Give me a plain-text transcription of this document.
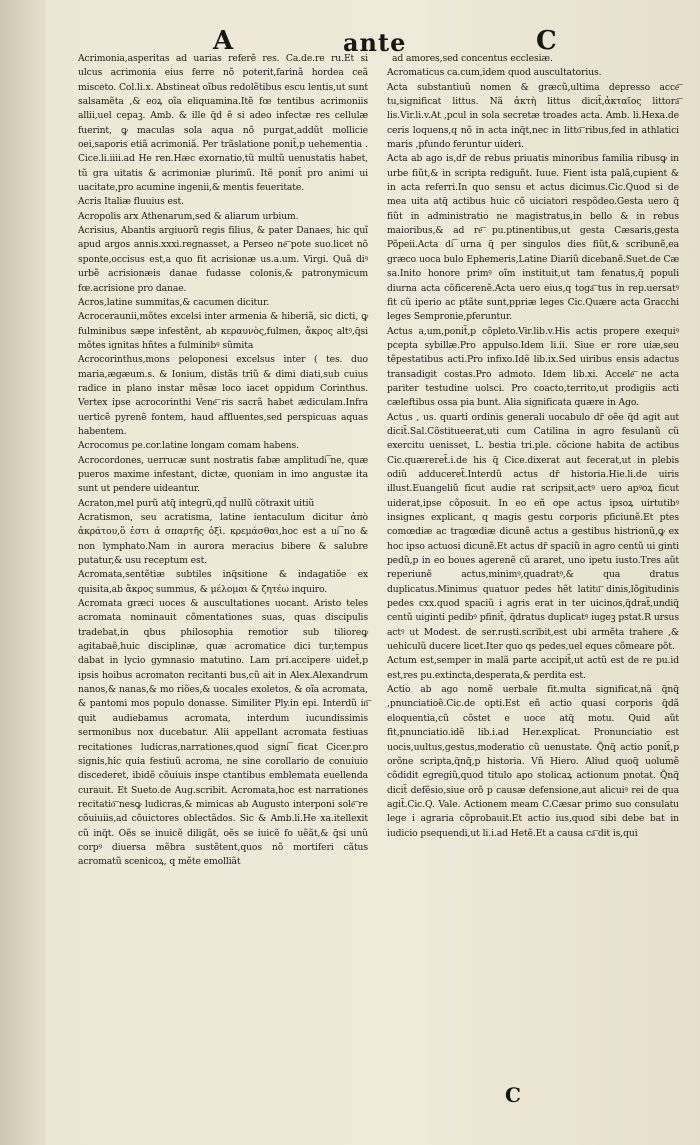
A	ante	C

Acrimonia,asperitas ad uarias referẽ res. Ca.de.re ru.Et si ulcus acrimonia eius ferre nõ poterit,farinã hordea ceã misceto. Col.li.x. Abstineat oĩbus redolẽtibus escu lentis,ut sunt salsamẽta ,& eoꝝ oĩa eliquamina.Itẽ fœ tentibus acrimoniis allii,uel cepaꝫ. Amb. & ille q̃d ẽ si adeo infectæ res cellulæ fuerint, ꝙ maculas sola aqua nõ purgat,addũt mollicie oei,saporis etiã acrimoniã. Per trãslatione ponit̃,p uehementia . Cice.li.iiii.ad He ren.Hæc exornatio,tũ multũ uenustatis habet, tũ gra uitatis & acrimoniæ plurimũ. Itẽ ponit̃ pro animi ui uacitate,pro acumine ingenii,& mentis feueritate.

Acris Italiæ fluuius est.

Acropolis arx Athenarum,sed & aliarum urbium.

Acrisius, Abantis argiuorũ regis filius, & pater Danaes, hic quĩ apud argos annis.xxxi.regnasset, a Perseo ne͞ pote suo.licet nõ sponte,occisus est,a quo fit acrisionæ us.a.um. Virgi. Quã diꝰ urbẽ acrisionæis danae fudasse colonis,& patronymicum fœ.acrisione pro danae.

Acros,latine summitas,& cacumen dicitur.

Acroceraunii,mõtes excelsi inter armenia & hiberiã, sic dicti, ꝙ fulminibus sæpe infestẽnt, ab κεραυνὸς,fulmen, ἄκρος altꝰ,q̃si mõtes ignitas hñtes a fulminibꝰ sũmita

Acrocorinthus,mons peloponesi excelsus inter ( tes. duo maria,ægæum.s. & Ionium, distãs triũ & dimi diati,sub cuius radice in plano instar mẽsæ loco iacet oppidum Corinthus. Vertex ipse acrocorinthi Vene͞ ris sacrã habet ædiculam.Infra uerticẽ pyrenẽ fontem, haud affluentes,sed perspicuas aquas habentem.

Acrocomus pe.cor.latine longam comam habens.

Acrocordones, uerrucæ sunt nostratis fabæ amplitudi͞ ne, quæ pueros maxime infestant, dictæ, quoniam in imo angustæ ita sunt ut pendere uideantur.

Acraton,mel purũ atq̃ integrũ,qd̃ nullũ cõtraxit uitiũ

Acratismon, seu acratisma, latine ientaculum dicitur ἀπὸ ἀκράτου,ὅ ἐστι ἀ σπαρτῆς ὁξὶ. κρεμάσθαι,hoc est a ui͞ no & non lymphato.Nam in aurora meracius bibere & salubre putatur,& usu receptum est.

Acromata,sentẽtiæ subtiles inq̃sitione & indagatiõe ex quisita,ab ἄκρος summus, & μέλομαι & ζητέω inquiro.

Acromata græci uoces & auscultationes uocant. Aristo teles acromata nominauit cõmentationes suas, quas discipulis tradebat,in qbus philosophia remotior sub tilioreꝙ agitabaẽ,huic disciplinæ, quæ acromatice dici tur,tempus dabat in lycio gymnasio matutino. Lam pri.accipere uidet̃,p ipsis hoibus acromaton recitanti bus,cũ ait in Alex.Alexandrum nanos,& nanas,& mo riões,& uocales exoletos, & oĩa acromata, & pantomi mos populo donasse. Similiter Ply.in epi. Interdũ in͞ quit audiebamus acromata, interdum iucundissimis sermonibus nox ducebatur. Alii appellant acromata festiuas recitationes ludicras,narrationes,quod signi͞ ficat Cicer.pro signis,hic quia festiuũ acroma, ne sine corollario de conuiuio discederet, ibidẽ cõuiuis inspe ctantibus emblemata euellenda curauit. Et Sueto.de Aug.scribit. Acromata,hoc est narrationes recitatio͞ nesꝙ ludicras,& mimicas ab Augusto interponi sole͞ re cõuiuiis,ad cõuictores oblectãdos. Sic & Amb.li.He xa.itellexit cũ inq̃t. Oẽs se inuicẽ diligãt, oẽs se iuicẽ fo uẽãt,& q̃si unũ corpꝰ diuersa mẽbra sustẽtent,quos nõ mortiferi cãtus acromatũ scenicoꝝ, q mẽte emolliãt

ad amores,sed concentus ecclesiæ.

Acromaticus ca.cum,idem quod auscultatorius.

Acta substantiuũ nomen & græcũ,ultima depresso acce͞ tu,significat littus. Nã ἀκτὴ littus dicit̃,ἀκταῖος littora͞ lis.Vir.li.v.At ,pcul in sola secretæ troades acta. Amb. li.Hexa.de ceris loquens,q nõ in acta inq̃t,nec in litto͞ ribus,fed in athlatici maris ,pfundo feruntur uideri.

Acta ab ago is,dr̃ de rebus priuatis minoribus familia ribusꝙ in urbe fiũt,& in scripta rediguñt. Iuue. Fient ista palã,cupient & in acta referri.In quo sensu et actus dicimus.Cic.Quod si de mea uita atq̃ actibus huic cõ uiciatori respõdeo.Gesta uero q̃ fiũt in administratio ne magistratus,in bello & in rebus maioribus,& ad re͞ pu.ptinentibus,ut gesta Cæsaris,gesta Põpeii.Acta di͞ urna q̃ per singulos dies fiũt,& scribunẽ,ea græco uoca bulo Ephemeris,Latine Diariũ dicebanẽ.Suet.de Cæ sa.Inito honore primꝰ oĩm instituit,ut tam fenatus,q̃ populi diurna acta cõficerenẽ.Acta uero eius,q toga͞ tus in rep.uersatꝰ fit cũ iperio ac ptãte sunt,ppriæ leges Cic.Quære acta Gracchi leges Sempronie,pferuntur.

Actus a,um,ponit̃,p cõpleto.Vir.lib.v.His actis propere exequiꝰ pcepta sybillæ.Pro appulso.Idem li.ii. Siue er rore uiæ,seu tẽpestatibus acti.Pro infixo.Idẽ lib.ix.Sed uiribus ensis adactus transadigit costas.Pro admoto. Idem lib.xi. Accele͞ ne acta pariter testudine uolsci. Pro coacto,territo,ut prodigiis acti cæleftibus ossa pia bunt. Alia significata quære in Ago.

Actus , us. quarti ordinis generali uocabulo dr̃ oẽe q̃d agit aut dicit̃.Sal.Cõstitueerat,uti cum Catilina in agro fesulanũ cũ exercitu uenisset, L. bestia tri.ple. cõcione habita de actibus Cic.quæreret̃.i.de his q̃ Cice.dixerat aut fecerat,ut in plebis odiũ adduceret̃.Interdũ actus dr̃ historia.Hie.li.de uiris illust.Euangeliũ ficut audie rat scripsit,actꝰ uero apꝰoꝝ ficut uiderat,ipse cõposuit. In eo eñ ope actus ipsoꝝ uirtutibꝰ insignes explicant, q magis gestu corporis pficiunẽ.Et ptes comœdiæ ac tragœdiæ dicunẽ actus a gestibus histrionũ,ꝙ ex hoc ipso actuosi dicunẽ.Et actus dr̃ spaciũ in agro centũ ui ginti pedũ,p in eo boues agerenẽ cũ araret, uno ipetu iusto.Tres aũt reperiunẽ actus,minimꝰ,quadratꝰ,& qua dratus duplicatus.Minimus quatuor pedes hẽt latitu͞ dinis,lõgitudinis pedes cxx.quod spaciũ i agris erat in ter uicinos,q̃drat̃,undiq̃ centũ uiginti pedibꝰ pfinit̃, q̃dratus duplicatꝰ iugeꝫ pstat.R ursus actꝰ ut Modest. de ser.rusti.scribit,est ubi armẽta trahere ,& uehiculũ ducere licet.Iter quo qs pedes,uel eques cõmeare põt.

Actum est,semper in malã parte accipit̃,ut actũ est de re pu.id est,res pu.extincta,desperata,& perdita est.

Actio ab ago nomẽ uerbale fit.multa significat,nã q̃nq̃ ,pnunciatioẽ.Cic.de opti.Est eñ actio quasi corporis q̃dã eloquentia,cũ cõstet e uoce atq̃ motu. Quid aũt fit,pnunciatio.idẽ lib.i.ad Her.explicat. Pronunciatio est uocis,uultus,gestus,moderatio cũ uenustate. Q̃nq̃ actio ponit̃,p orõne scripta,q̃nq̃,p historia. Vñ Hiero. Aliud quoq̃ uolumẽ cõdidit egregiũ,quod titulo apo stolicaꝝ actionum pnotat. Q̃nq̃ dicit̃ defẽsio,siue orõ p causæ defensione,aut alicuiꝰ rei de qua agit̃.Cic.Q. Vale. Actionem meam C.Cæsar primo suo consulatu lege i agraria cõprobauit.Et actio ius,quod sibi debe bat in iudicio psequendi,ut li.i.ad Hetẽ.Et a causa ca͞ dit is,qui

C
